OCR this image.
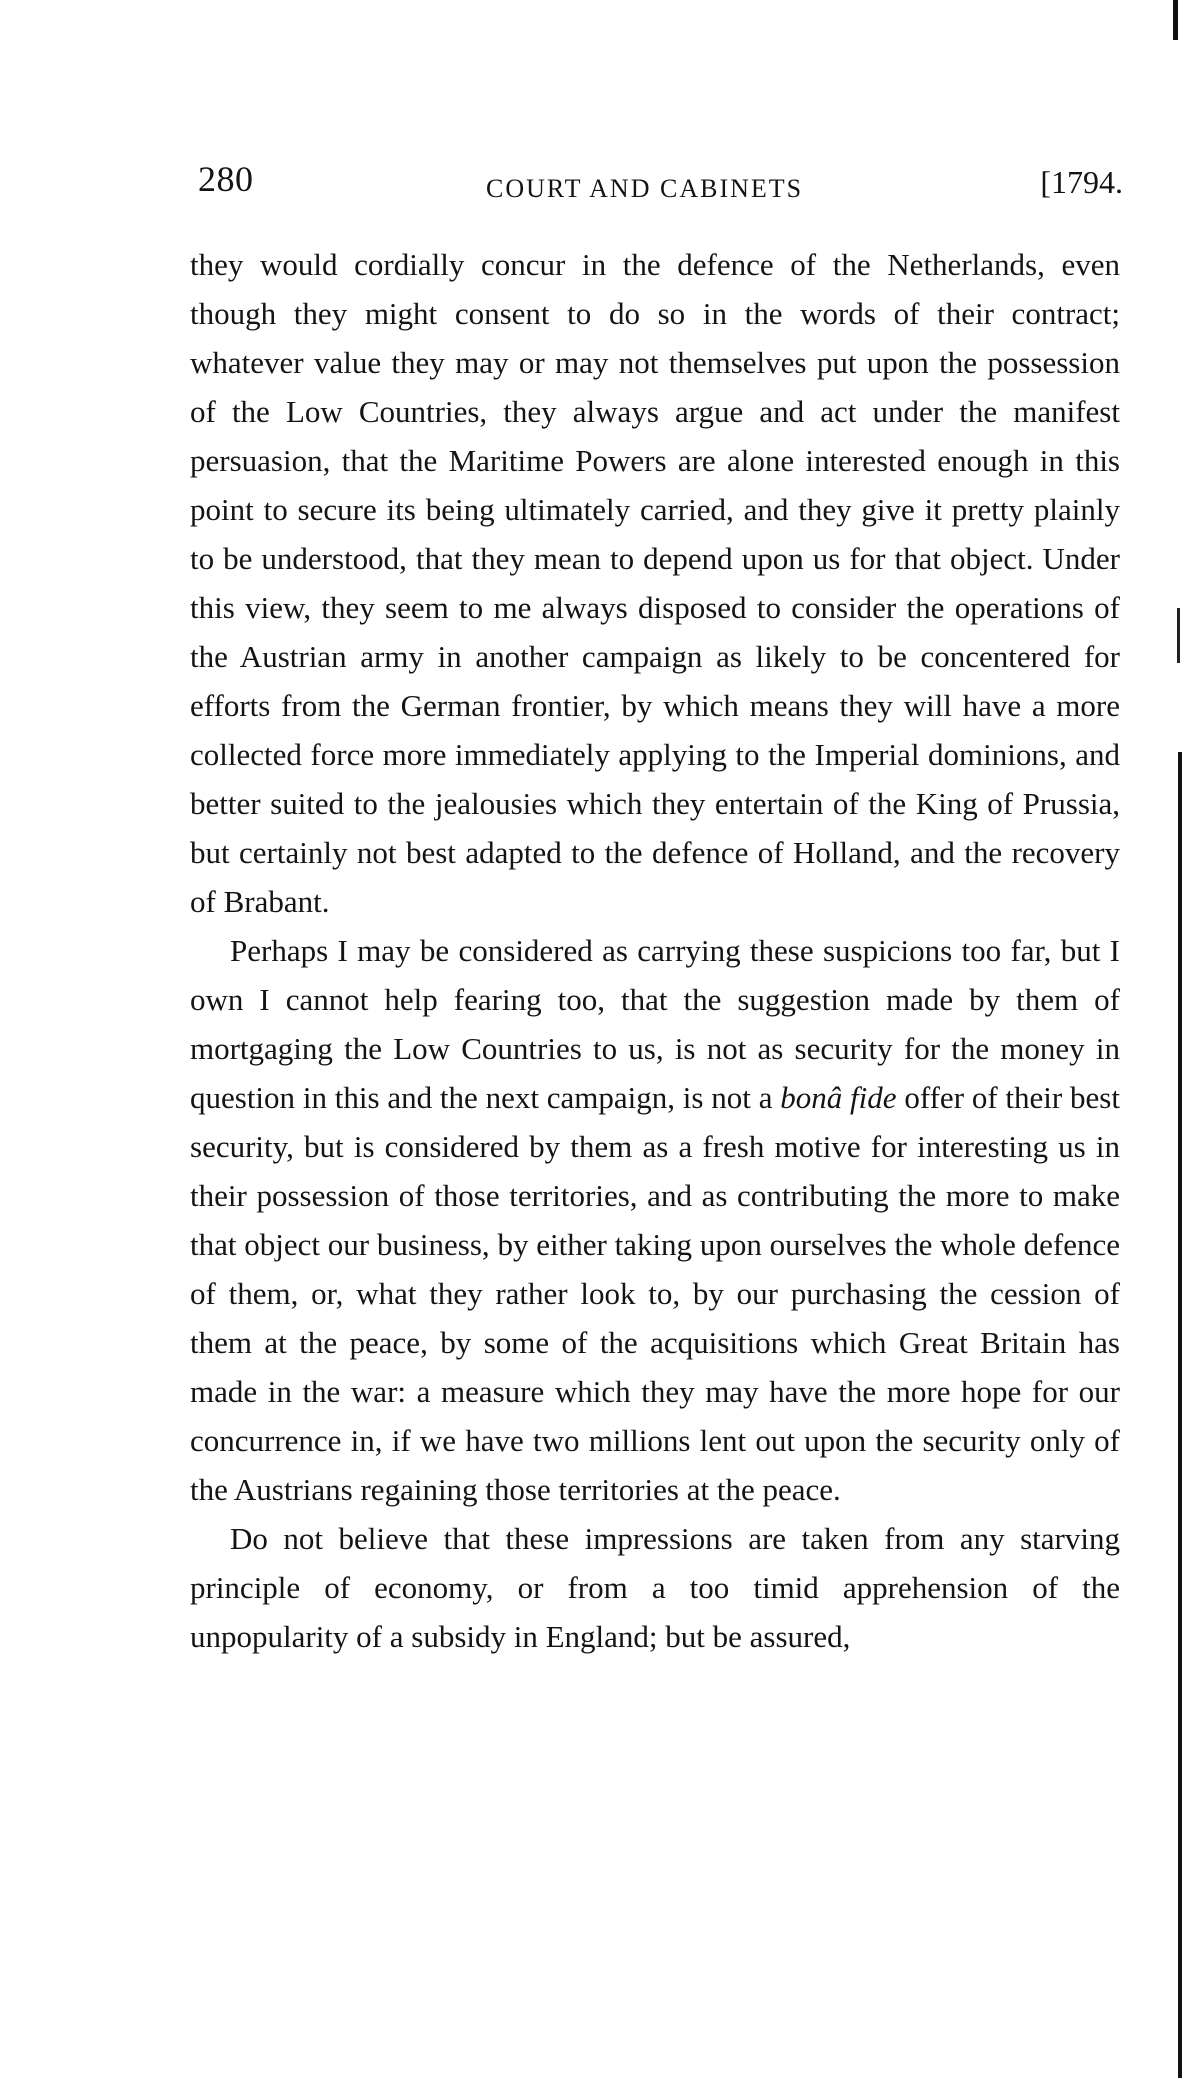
280	COURT AND CABINETS	[1794.

they would cordially concur in the defence of the Netherlands, even though they might consent to do so in the words of their contract; whatever value they may or may not themselves put upon the possession of the Low Countries, they always argue and act under the manifest persuasion, that the Maritime Powers are alone interested enough in this point to secure its being ultimately carried, and they give it pretty plainly to be understood, that they mean to depend upon us for that object. Under this view, they seem to me always disposed to consider the operations of the Austrian army in another campaign as likely to be concentered for efforts from the German frontier, by which means they will have a more collected force more immediately applying to the Imperial dominions, and better suited to the jealousies which they entertain of the King of Prussia, but certainly not best adapted to the defence of Holland, and the recovery of Brabant.

Perhaps I may be considered as carrying these suspicions too far, but I own I cannot help fearing too, that the suggestion made by them of mortgaging the Low Countries to us, is not as security for the money in question in this and the next campaign, is not a bonâ fide offer of their best security, but is considered by them as a fresh motive for interesting us in their possession of those territories, and as contributing the more to make that object our business, by either taking upon ourselves the whole defence of them, or, what they rather look to, by our purchasing the cession of them at the peace, by some of the acquisitions which Great Britain has made in the war: a measure which they may have the more hope for our concurrence in, if we have two millions lent out upon the security only of the Austrians regaining those territories at the peace.

Do not believe that these impressions are taken from any starving principle of economy, or from a too timid apprehension of the unpopularity of a subsidy in England; but be assured,
